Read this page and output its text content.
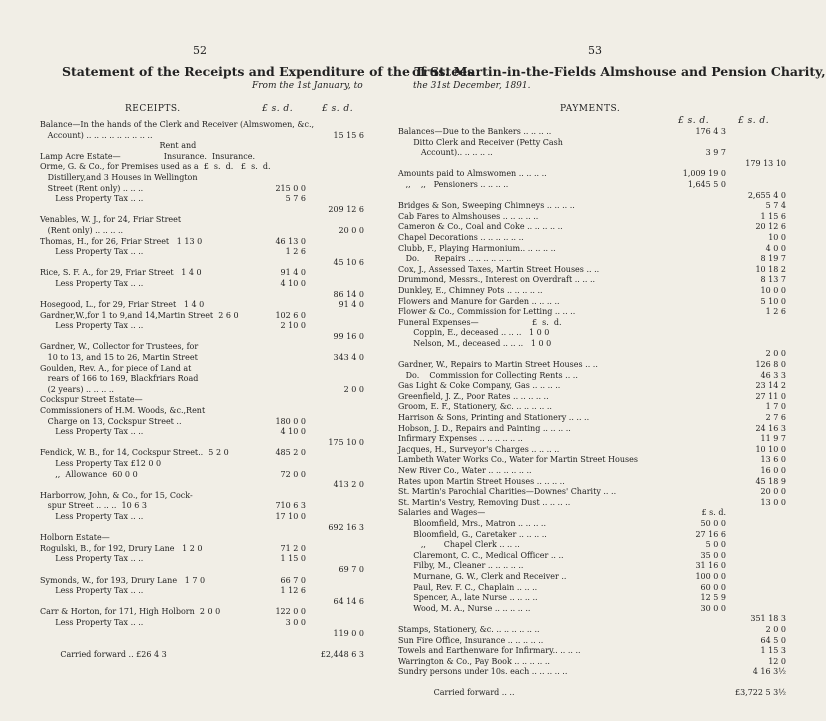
52	53
Statement of the Receipts and Expenditure of the Trustees
of St. Martin-in-the-Fields Almshouse and Pension Charity,
From the 1st January, to	the 31st December, 1891.
RECEIPTS.	£ s. d.	£ s. d.	PAYMENTS.
£ s. d.	£ s. d.
Balance—In the hands of the Clerk and Receiver (Almswomen, &c.,
Account) .. .. .. .. .. .. .. .. ..	15 15 6
Rent and
Lamp Acre Estate—                 Insurance.  Insurance.
Orme, G. & Co., for Premises used as a  £  s.  d.   £  s.  d.
Distillery,and 3 Houses in Wellington
Street (Rent only) .. .. ..	215 0 0
Less Property Tax .. ..	5 7 6
209 12 6
Venables, W. J., for 24, Friar Street
(Rent only) .. .. .. ..	20 0 0
Thomas, H., for 26, Friar Street   1 13 0	46 13 0
Less Property Tax .. ..	1 2 6
45 10 6
Rice, S. F. A., for 29, Friar Street   1 4 0	91 4 0
Less Property Tax .. ..	4 10 0
86 14 0
Hosegood, L., for 29, Friar Street   1 4 0	91 4 0
Gardner,W.,for 1 to 9,and 14,Martin Street  2 6 0	102 6 0
Less Property Tax .. ..	2 10 0
99 16 0
Gardner, W., Collector for Trustees, for
10 to 13, and 15 to 26, Martin Street	343 4 0
Goulden, Rev. A., for piece of Land at
rears of 166 to 169, Blackfriars Road
(2 years) .. .. .. ..	2 0 0
Cockspur Street Estate—
Commissioners of H.M. Woods, &c.,Rent
Charge on 13, Cockspur Street ..	180 0 0
Less Property Tax .. ..	4 10 0
175 10 0
Fendick, W. B., for 14, Cockspur Street..  5 2 0	485 2 0
Less Property Tax £12 0 0
,,  Allowance  60 0 0	72 0 0
413 2 0
Harborrow, John, & Co., for 15, Cock-
spur Street .. .. ..  10 6 3	710 6 3
Less Property Tax .. ..	17 10 0
692 16 3
Holborn Estate—
Rogulski, B., for 192, Drury Lane   1 2 0	71 2 0
Less Property Tax .. ..	1 15 0
69 7 0
Symonds, W., for 193, Drury Lane   1 7 0	66 7 0
Less Property Tax .. ..	1 12 6
64 14 6
Carr & Horton, for 171, High Holborn  2 0 0	122 0 0
Less Property Tax .. ..	3 0 0
119 0 0
Carried forward .. £26 4 3	£2,448 6 3
Balances—Due to the Bankers .. .. .. ..	176 4 3
Ditto Clerk and Receiver (Petty Cash
Account).. .. .. .. ..	3 9 7
179 13 10
Amounts paid to Almswomen .. .. .. ..	1,009 19 0
,,    ,,   Pensioners .. .. .. ..	1,645 5 0
2,655 4 0
Bridges & Son, Sweeping Chimneys .. .. .. ..	5 7 4
Cab Fares to Almshouses .. .. .. .. ..	1 15 6
Cameron & Co., Coal and Coke .. .. .. .. ..	20 12 6
Chapel Decorations .. .. .. .. .. ..	10 0
Clubb, F., Playing Harmonium.. .. .. .. ..	4 0 0
Do.      Repairs .. .. .. .. .. ..	8 19 7
Cox, J., Assessed Taxes, Martin Street Houses .. ..	10 18 2
Drummond, Messrs., Interest on Overdraft .. .. ..	8 13 7
Dunkley, E., Chimney Pots .. .. .. .. ..	10 0 0
Flowers and Manure for Garden .. .. .. ..	5 10 0
Flower & Co., Commission for Letting .. .. ..	1 2 6
Funeral Expenses—                     £  s.  d.
Coppin, E., deceased .. .. ..   1 0 0
Nelson, M., deceased .. .. ..   1 0 0
2 0 0
Gardner, W., Repairs to Martin Street Houses .. ..	126 8 0
Do.    Commission for Collecting Rents .. ..	46 3 3
Gas Light & Coke Company, Gas .. .. .. ..	23 14 2
Greenfield, J. Z., Poor Rates .. .. .. .. ..	27 11 0
Groom, E. F., Stationery, &c. .. .. .. .. ..	1 7 0
Harrison & Sons, Printing and Stationery .. .. ..	2 7 6
Hobson, J. D., Repairs and Painting .. .. .. ..	24 16 3
Infirmary Expenses .. .. .. .. .. ..	11 9 7
Jacques, H., Surveyor's Charges .. .. .. ..	10 10 0
Lambeth Water Works Co., Water for Martin Street Houses	13 6 0
New River Co., Water .. .. .. .. .. ..	16 0 0
Rates upon Martin Street Houses .. .. .. ..	45 18 9
St. Martin's Parochial Charities—Downes' Charity .. ..	20 0 0
St. Martin's Vestry, Removing Dust .. .. .. ..	13 0 0
Salaries and Wages—	£ s. d.
Bloomfield, Mrs., Matron .. .. .. ..	50 0 0
Bloomfield, G., Caretaker .. .. .. ..	27 16 6
,,       Chapel Clerk .. .. ..	5 0 0
Claremont, C. C., Medical Officer .. ..	35 0 0
Filby, M., Cleaner .. .. .. .. ..	31 16 0
Murnane, G. W., Clerk and Receiver ..	100 0 0
Paul, Rev. F. C., Chaplain .. .. ..	60 0 0
Spencer, A., late Nurse .. .. .. ..	12 5 9
Wood, M. A., Nurse .. .. .. .. ..	30 0 0
351 18 3
Stamps, Stationery, &c. .. .. .. .. .. ..	2 0 0
Sun Fire Office, Insurance .. .. .. .. ..	64 5 0
Towels and Earthenware for Infirmary.. .. .. ..	1 15 3
Warrington & Co., Pay Book .. .. .. .. ..	12 0
Sundry persons under 10s. each .. .. .. .. ..	4 16 3½
Carried forward .. ..	£3,722 5 3½
